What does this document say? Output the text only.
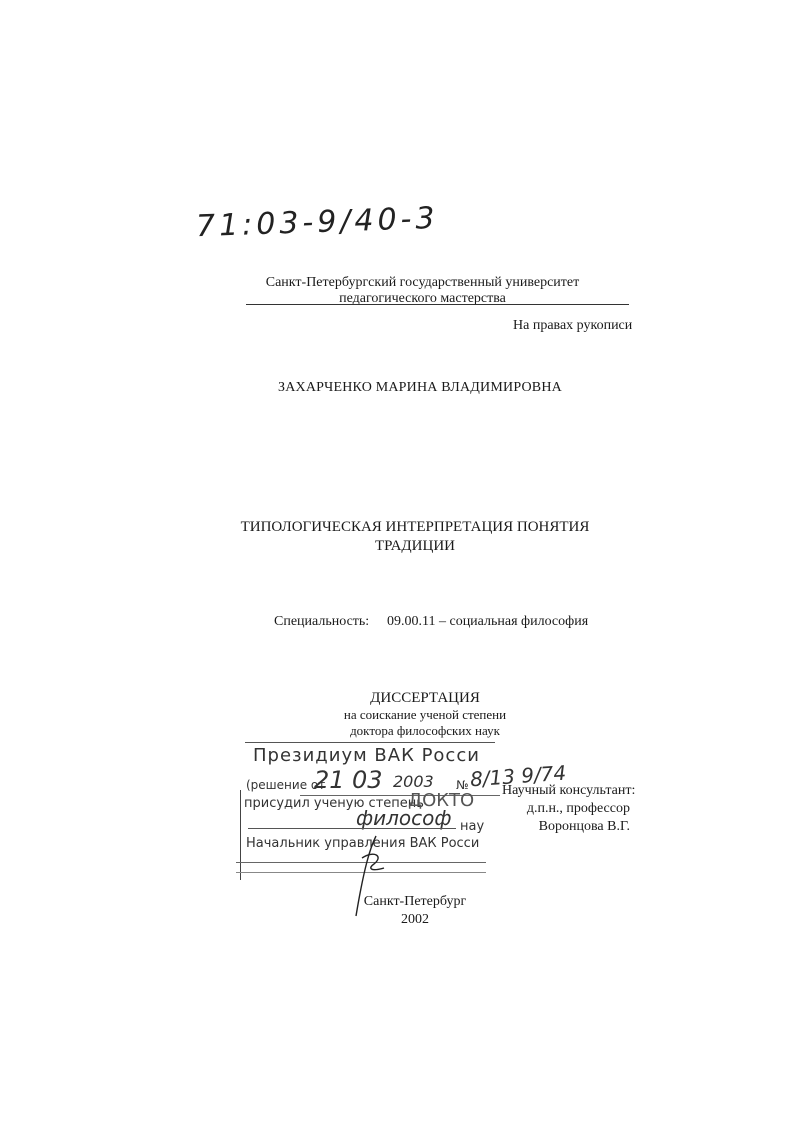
71:03-9/40-3
Санкт-Петербургский государственный университет
педагогического мастерства
На правах рукописи
ЗАХАРЧЕНКО МАРИНА ВЛАДИМИРОВНА
ТИПОЛОГИЧЕСКАЯ ИНТЕРПРЕТАЦИЯ ПОНЯТИЯ
ТРАДИЦИИ
Специальность: 09.00.11 – социальная философия
ДИССЕРТАЦИЯ
на соискание ученой степени
доктора философских наук
Научный консультант:
д.п.н., профессор
Воронцова В.Г.
Президиум ВАК Росси
(решение от
21 03 2003 № 8/13 9/74
присудил ученую степень
ДОКТО
философ нау
Начальник управления ВАК Росси
Санкт-Петербург
2002
